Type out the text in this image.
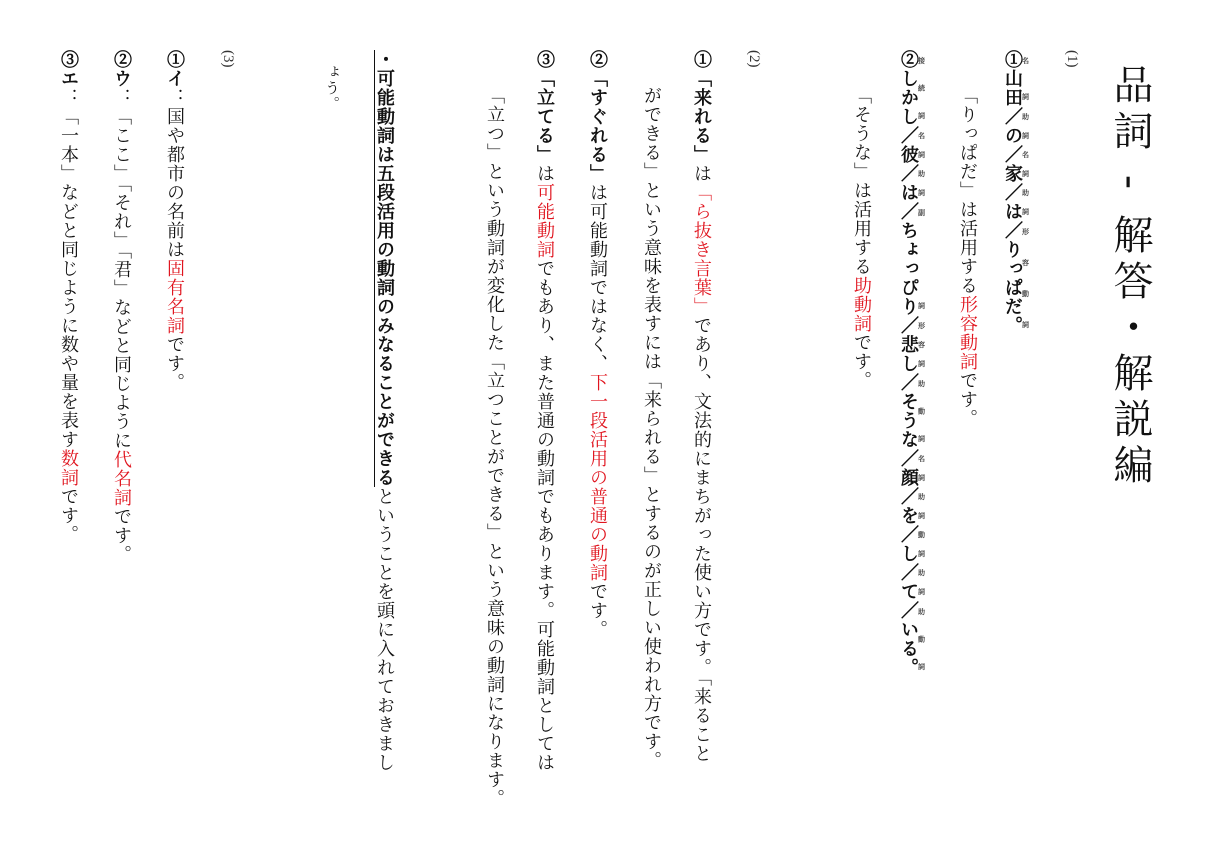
品詞 - 解答・解説編
(1)
①山田名詞／の助詞／家名詞／は助詞／りっぱだ。形容動詞
「りっぱだ」は活用する形容動詞です。
②しかし接続詞／彼名詞／は助詞／ちょっぴり副詞／悲し形容詞／そうな助動詞／顔名詞／を助詞／し動詞／て助詞／いる。助動詞
「そうな」は活用する助動詞です。
(2)
①「来れる」は「ら抜き言葉」であり、文法的にまちがった使い方です。「来ること
ができる」という意味を表すには「来られる」とするのが正しい使われ方です。
②「すぐれる」は可能動詞ではなく、下一段活用の普通の動詞です。
③「立てる」は可能動詞でもあり、また普通の動詞でもあります。可能動詞としては
「立つ」という動詞が変化した「立つことができる」という意味の動詞になります。
・可能動詞は五段活用の動詞のみなることができるということを頭に入れておきまし
ょう。
(3)
①イ：国や都市の名前は固有名詞です。
②ウ：「ここ」「それ」「君」などと同じように代名詞です。
③エ：「一本」などと同じように数や量を表す数詞です。
